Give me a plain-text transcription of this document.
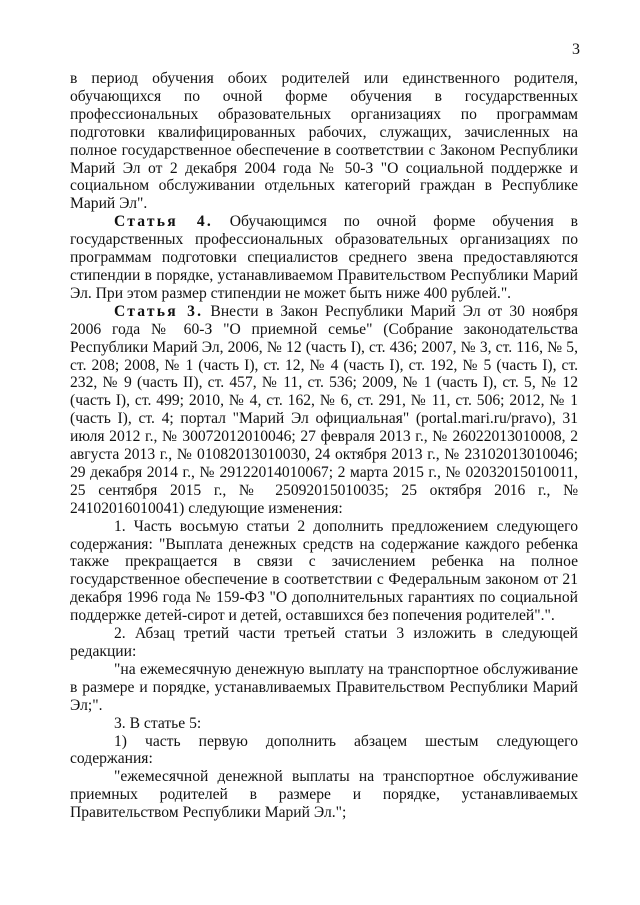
3

в период обучения обоих родителей или единственного родителя, обучающихся по очной форме обучения в государственных профессиональных образовательных организациях по программам подготовки квалифицированных рабочих, служащих, зачисленных на полное государственное обеспечение в соответствии с Законом Республики Марий Эл от 2 декабря 2004 года № 50-З "О социальной поддержке и социальном обслуживании отдельных категорий граждан в Республике Марий Эл".

Статья 4. Обучающимся по очной форме обучения в государственных профессиональных образовательных организациях по программам подготовки специалистов среднего звена предоставляются стипендии в порядке, устанавливаемом Правительством Республики Марий Эл. При этом размер стипендии не может быть ниже 400 рублей.".

Статья 3. Внести в Закон Республики Марий Эл от 30 ноября 2006 года № 60-З "О приемной семье" (Собрание законодательства Республики Марий Эл, 2006, № 12 (часть I), ст. 436; 2007, № 3, ст. 116, № 5, ст. 208; 2008, № 1 (часть I), ст. 12, № 4 (часть I), ст. 192, № 5 (часть I), ст. 232, № 9 (часть II), ст. 457, № 11, ст. 536; 2009, № 1 (часть I), ст. 5, № 12 (часть I), ст. 499; 2010, № 4, ст. 162, № 6, ст. 291, № 11, ст. 506; 2012, № 1 (часть I), ст. 4; портал "Марий Эл официальная" (portal.mari.ru/pravo), 31 июля 2012 г., № 30072012010046; 27 февраля 2013 г., № 26022013010008, 2 августа 2013 г., № 01082013010030, 24 октября 2013 г., № 23102013010046; 29 декабря 2014 г., № 29122014010067; 2 марта 2015 г., № 02032015010011, 25 сентября 2015 г., № 25092015010035; 25 октября 2016 г., № 24102016010041) следующие изменения:

1. Часть восьмую статьи 2 дополнить предложением следующего содержания: "Выплата денежных средств на содержание каждого ребенка также прекращается в связи с зачислением ребенка на полное государственное обеспечение в соответствии с Федеральным законом от 21 декабря 1996 года № 159-ФЗ "О дополнительных гарантиях по социальной поддержке детей-сирот и детей, оставшихся без попечения родителей".".

2. Абзац третий части третьей статьи 3 изложить в следующей редакции:

"на ежемесячную денежную выплату на транспортное обслуживание в размере и порядке, устанавливаемых Правительством Республики Марий Эл;".

3. В статье 5:

1) часть первую дополнить абзацем шестым следующего содержания:

"ежемесячной денежной выплаты на транспортное обслуживание приемных родителей в размере и порядке, устанавливаемых Правительством Республики Марий Эл.";
